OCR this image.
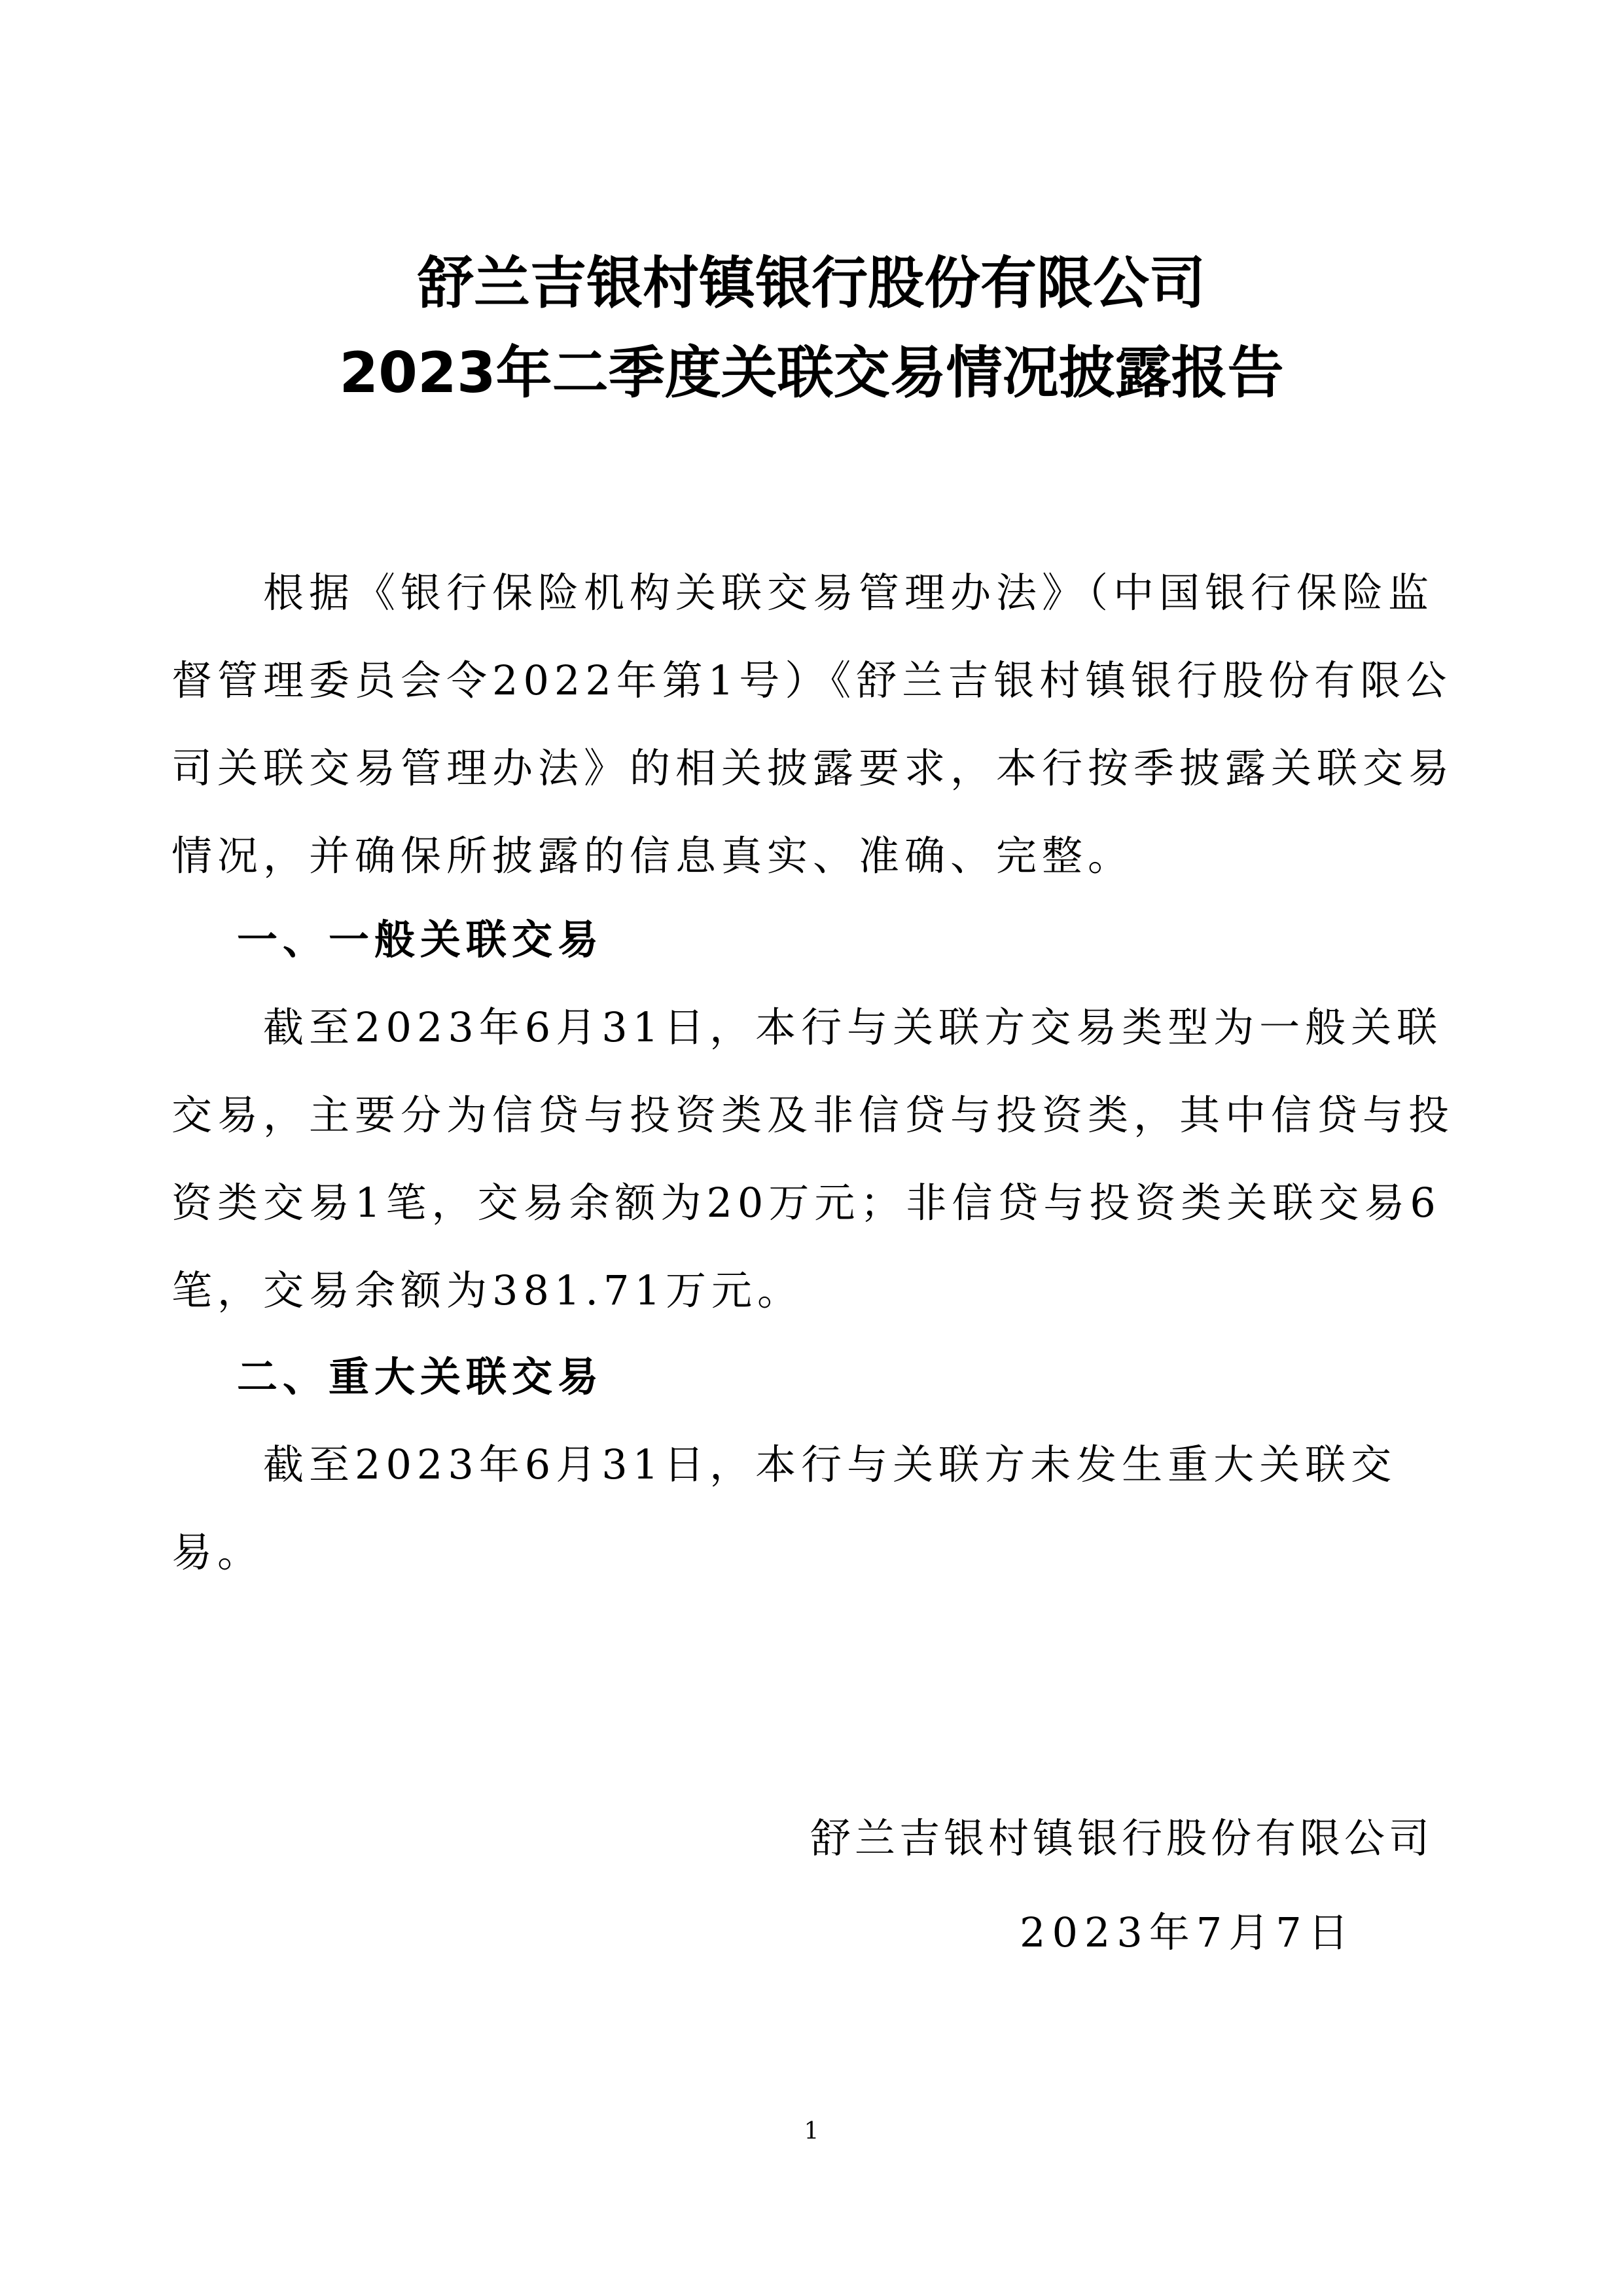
舒兰吉银村镇银行股份有限公司
2023年二季度关联交易情况披露报告

根据《银行保险机构关联交易管理办法》（中国银行保险监督管理委员会令2022年第1号）《舒兰吉银村镇银行股份有限公司关联交易管理办法》的相关披露要求，本行按季披露关联交易情况，并确保所披露的信息真实、准确、完整。

一、一般关联交易

截至2023年6月31日，本行与关联方交易类型为一般关联交易，主要分为信贷与投资类及非信贷与投资类，其中信贷与投资类交易1笔，交易余额为20万元；非信贷与投资类关联交易6笔，交易余额为381.71万元。

二、重大关联交易

截至2023年6月31日，本行与关联方未发生重大关联交易。

舒兰吉银村镇银行股份有限公司
2023年7月7日
1
